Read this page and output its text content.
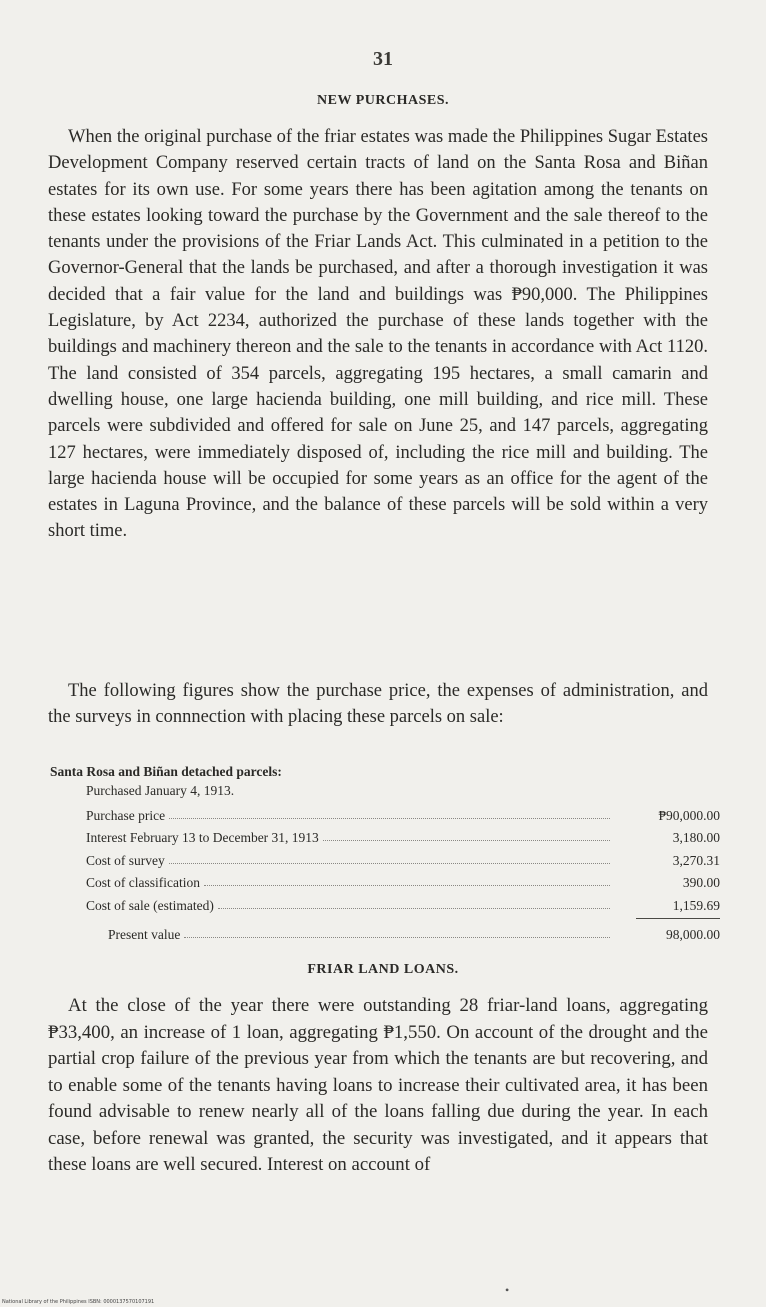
31
NEW PURCHASES.

When the original purchase of the friar estates was made the Philippines Sugar Estates Development Company reserved certain tracts of land on the Santa Rosa and Biñan estates for its own use. For some years there has been agitation among the tenants on these estates looking toward the purchase by the Government and the sale thereof to the tenants under the provisions of the Friar Lands Act. This culminated in a petition to the Governor-General that the lands be purchased, and after a thorough investigation it was decided that a fair value for the land and buildings was ₱90,000. The Philippines Legislature, by Act 2234, authorized the purchase of these lands together with the buildings and machinery thereon and the sale to the tenants in accordance with Act 1120. The land consisted of 354 parcels, aggregating 195 hectares, a small camarin and dwelling house, one large hacienda building, one mill building, and rice mill. These parcels were subdivided and offered for sale on June 25, and 147 parcels, aggregating 127 hectares, were immediately disposed of, including the rice mill and building. The large hacienda house will be occupied for some years as an office for the agent of the estates in Laguna Province, and the balance of these parcels will be sold within a very short time.

The following figures show the purchase price, the expenses of administration, and the surveys in connnection with placing these parcels on sale:

Santa Rosa and Biñan detached parcels:
Purchased January 4, 1913.
Purchase price	₱90,000.00
Interest February 13 to December 31, 1913	3,180.00
Cost of survey	3,270.31
Cost of classification	390.00
Cost of sale (estimated)	1,159.69
Present value	98,000.00
FRIAR LAND LOANS.

At the close of the year there were outstanding 28 friar-land loans, aggregating ₱33,400, an increase of 1 loan, aggregating ₱1,550. On account of the drought and the partial crop failure of the previous year from which the tenants are but recovering, and to enable some of the tenants having loans to increase their cultivated area, it has been found advisable to renew nearly all of the loans falling due during the year. In each case, before renewal was granted, the security was investigated, and it appears that these loans are well secured. Interest on account of

•
National Library of the Philippines ISBN: 0000137570107191
